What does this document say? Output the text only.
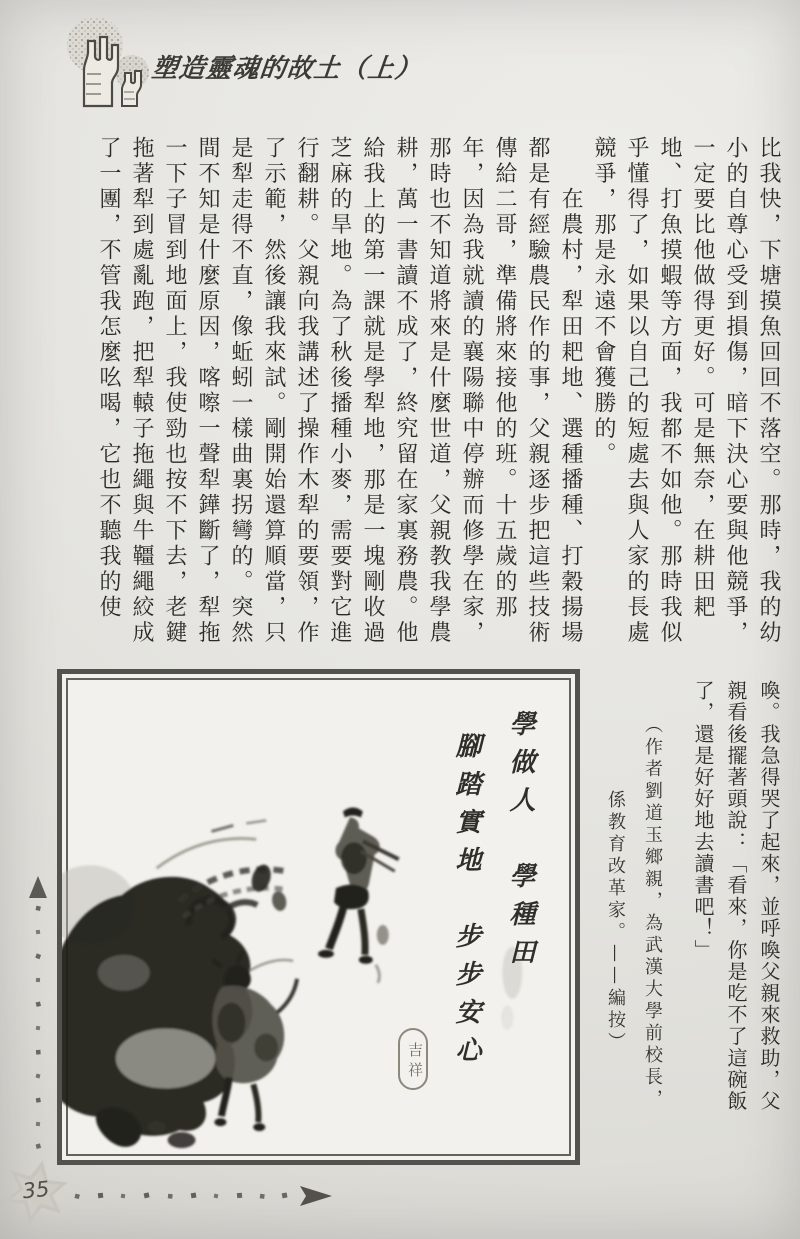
塑造靈魂的故土（上）
比我快，下塘摸魚回回不落空。那時，我的幼
小的自尊心受到損傷，暗下決心要與他競爭，
一定要比他做得更好。可是無奈，在耕田耙
地、打魚摸蝦等方面，我都不如他。那時我似
乎懂得了，如果以自己的短處去與人家的長處
競爭，那是永遠不會獲勝的。
　　在農村，犁田耙地、選種播種、打穀揚場
都是有經驗農民作的事，父親逐步把這些技術
傳給二哥，準備將來接他的班。十五歲的那
年，因為我就讀的襄陽聯中停辦而修學在家，
那時也不知道將來是什麼世道，父親教我學農
耕，萬一書讀不成了，終究留在家裏務農。他
給我上的第一課就是學犁地，那是一塊剛收過
芝麻的旱地。為了秋後播種小麥，需要對它進
行翻耕。父親向我講述了操作木犁的要領，作
了示範，然後讓我來試。剛開始還算順當，只
是犁走得不直，像蚯蚓一樣曲裏拐彎的。突然
間不知是什麼原因，喀嚓一聲犁鏵斷了，犁拖
一下子冒到地面上，我使勁也按不下去，老鍵
拖著犁到處亂跑，把犁轅子拖繩與牛韁繩絞成
了一團，不管我怎麼吆喝，它也不聽我的使
喚。我急得哭了起來，並呼喚父親來救助，父
親看後擺著頭說：「看來，你是吃不了這碗飯
了，還是好好地去讀書吧！」
　　（作者劉道玉鄉親，為武漢大學前校長，
　　　　　係教育改革家。——編按）
學做人　學種田
腳踏實地　步步安心
吉祥
35
